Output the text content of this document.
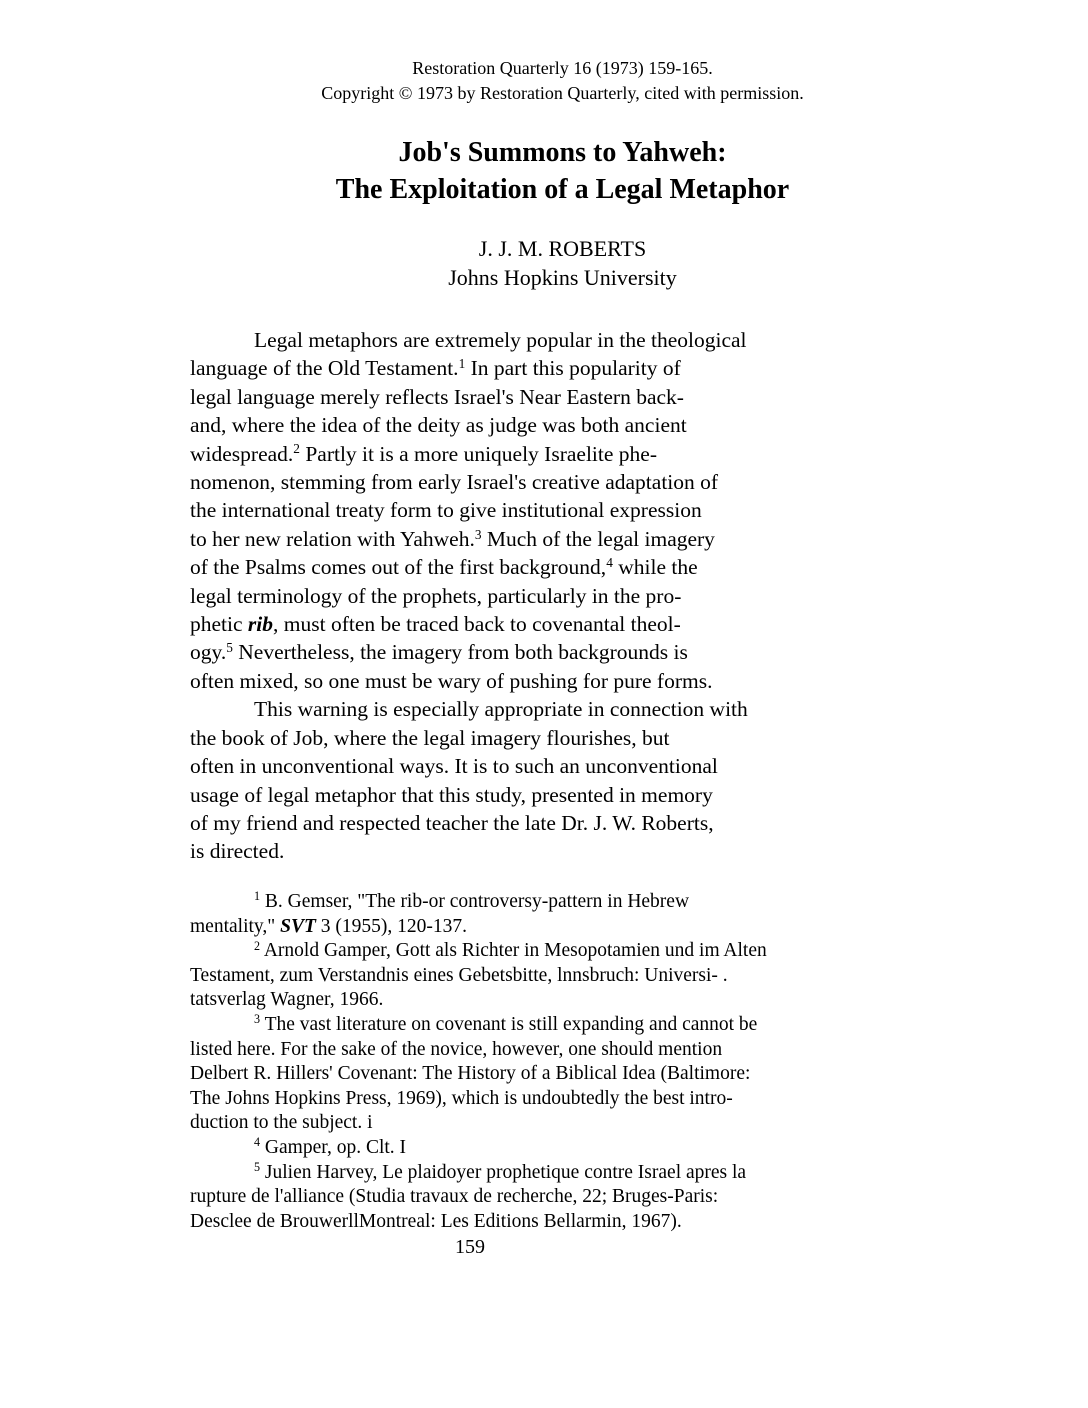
Restoration Quarterly 16 (1973) 159-165.
Copyright © 1973 by Restoration Quarterly, cited with permission.
Job's Summons to Yahweh:
The Exploitation of a Legal Metaphor
J. J. M. ROBERTS
Johns Hopkins University
Legal metaphors are extremely popular in the theological
language of the Old Testament.$^1$ In part this popularity of
legal language merely reflects Israel's Near Eastern back-
and, where the idea of the deity as judge was both ancient
widespread.$^2$ Partly it is a more uniquely Israelite phe-
nomenon, stemming from early Israel's creative adaptation of
the international treaty form to give institutional expression
to her new relation with Yahweh.$^3$ Much of the legal imagery
of the Psalms comes out of the first background,$^4$ while the
legal terminology of the prophets, particularly in the pro-
phetic rib, must often be traced back to covenantal theol-
ogy.$^5$ Nevertheless, the imagery from both backgrounds is
often mixed, so one must be wary of pushing for pure forms.
This warning is especially appropriate in connection with
the book of Job, where the legal imagery flourishes, but
often in unconventional ways. It is to such an unconventional
usage of legal metaphor that this study, presented in memory
of my friend and respected teacher the late Dr. J. W. Roberts,
is directed.
$^1$ B. Gemser, "The rib-or controversy-pattern in Hebrew
mentality," SVT 3 (1955), 120-137.
$^2$ Arnold Gamper, Gott als Richter in Mesopotamien und im Alten
Testament, zum Verstandnis eines Gebetsbitte, lnnsbruch: Universi- .
tatsverlag Wagner, 1966.
$^3$ The vast literature on covenant is still expanding and cannot be
listed here. For the sake of the novice, however, one should mention
Delbert R. Hillers' Covenant: The History of a Biblical Idea (Baltimore:
The Johns Hopkins Press, 1969), which is undoubtedly the best intro-
duction to the subject. i
$^4$ Gamper, op. Clt. I
$^5$ Julien Harvey, Le plaidoyer prophetique contre Israel apres la
rupture de l'alliance (Studia travaux de recherche, 22; Bruges-Paris:
Desclee de BrouwerllMontreal: Les Editions Bellarmin, 1967).
159
